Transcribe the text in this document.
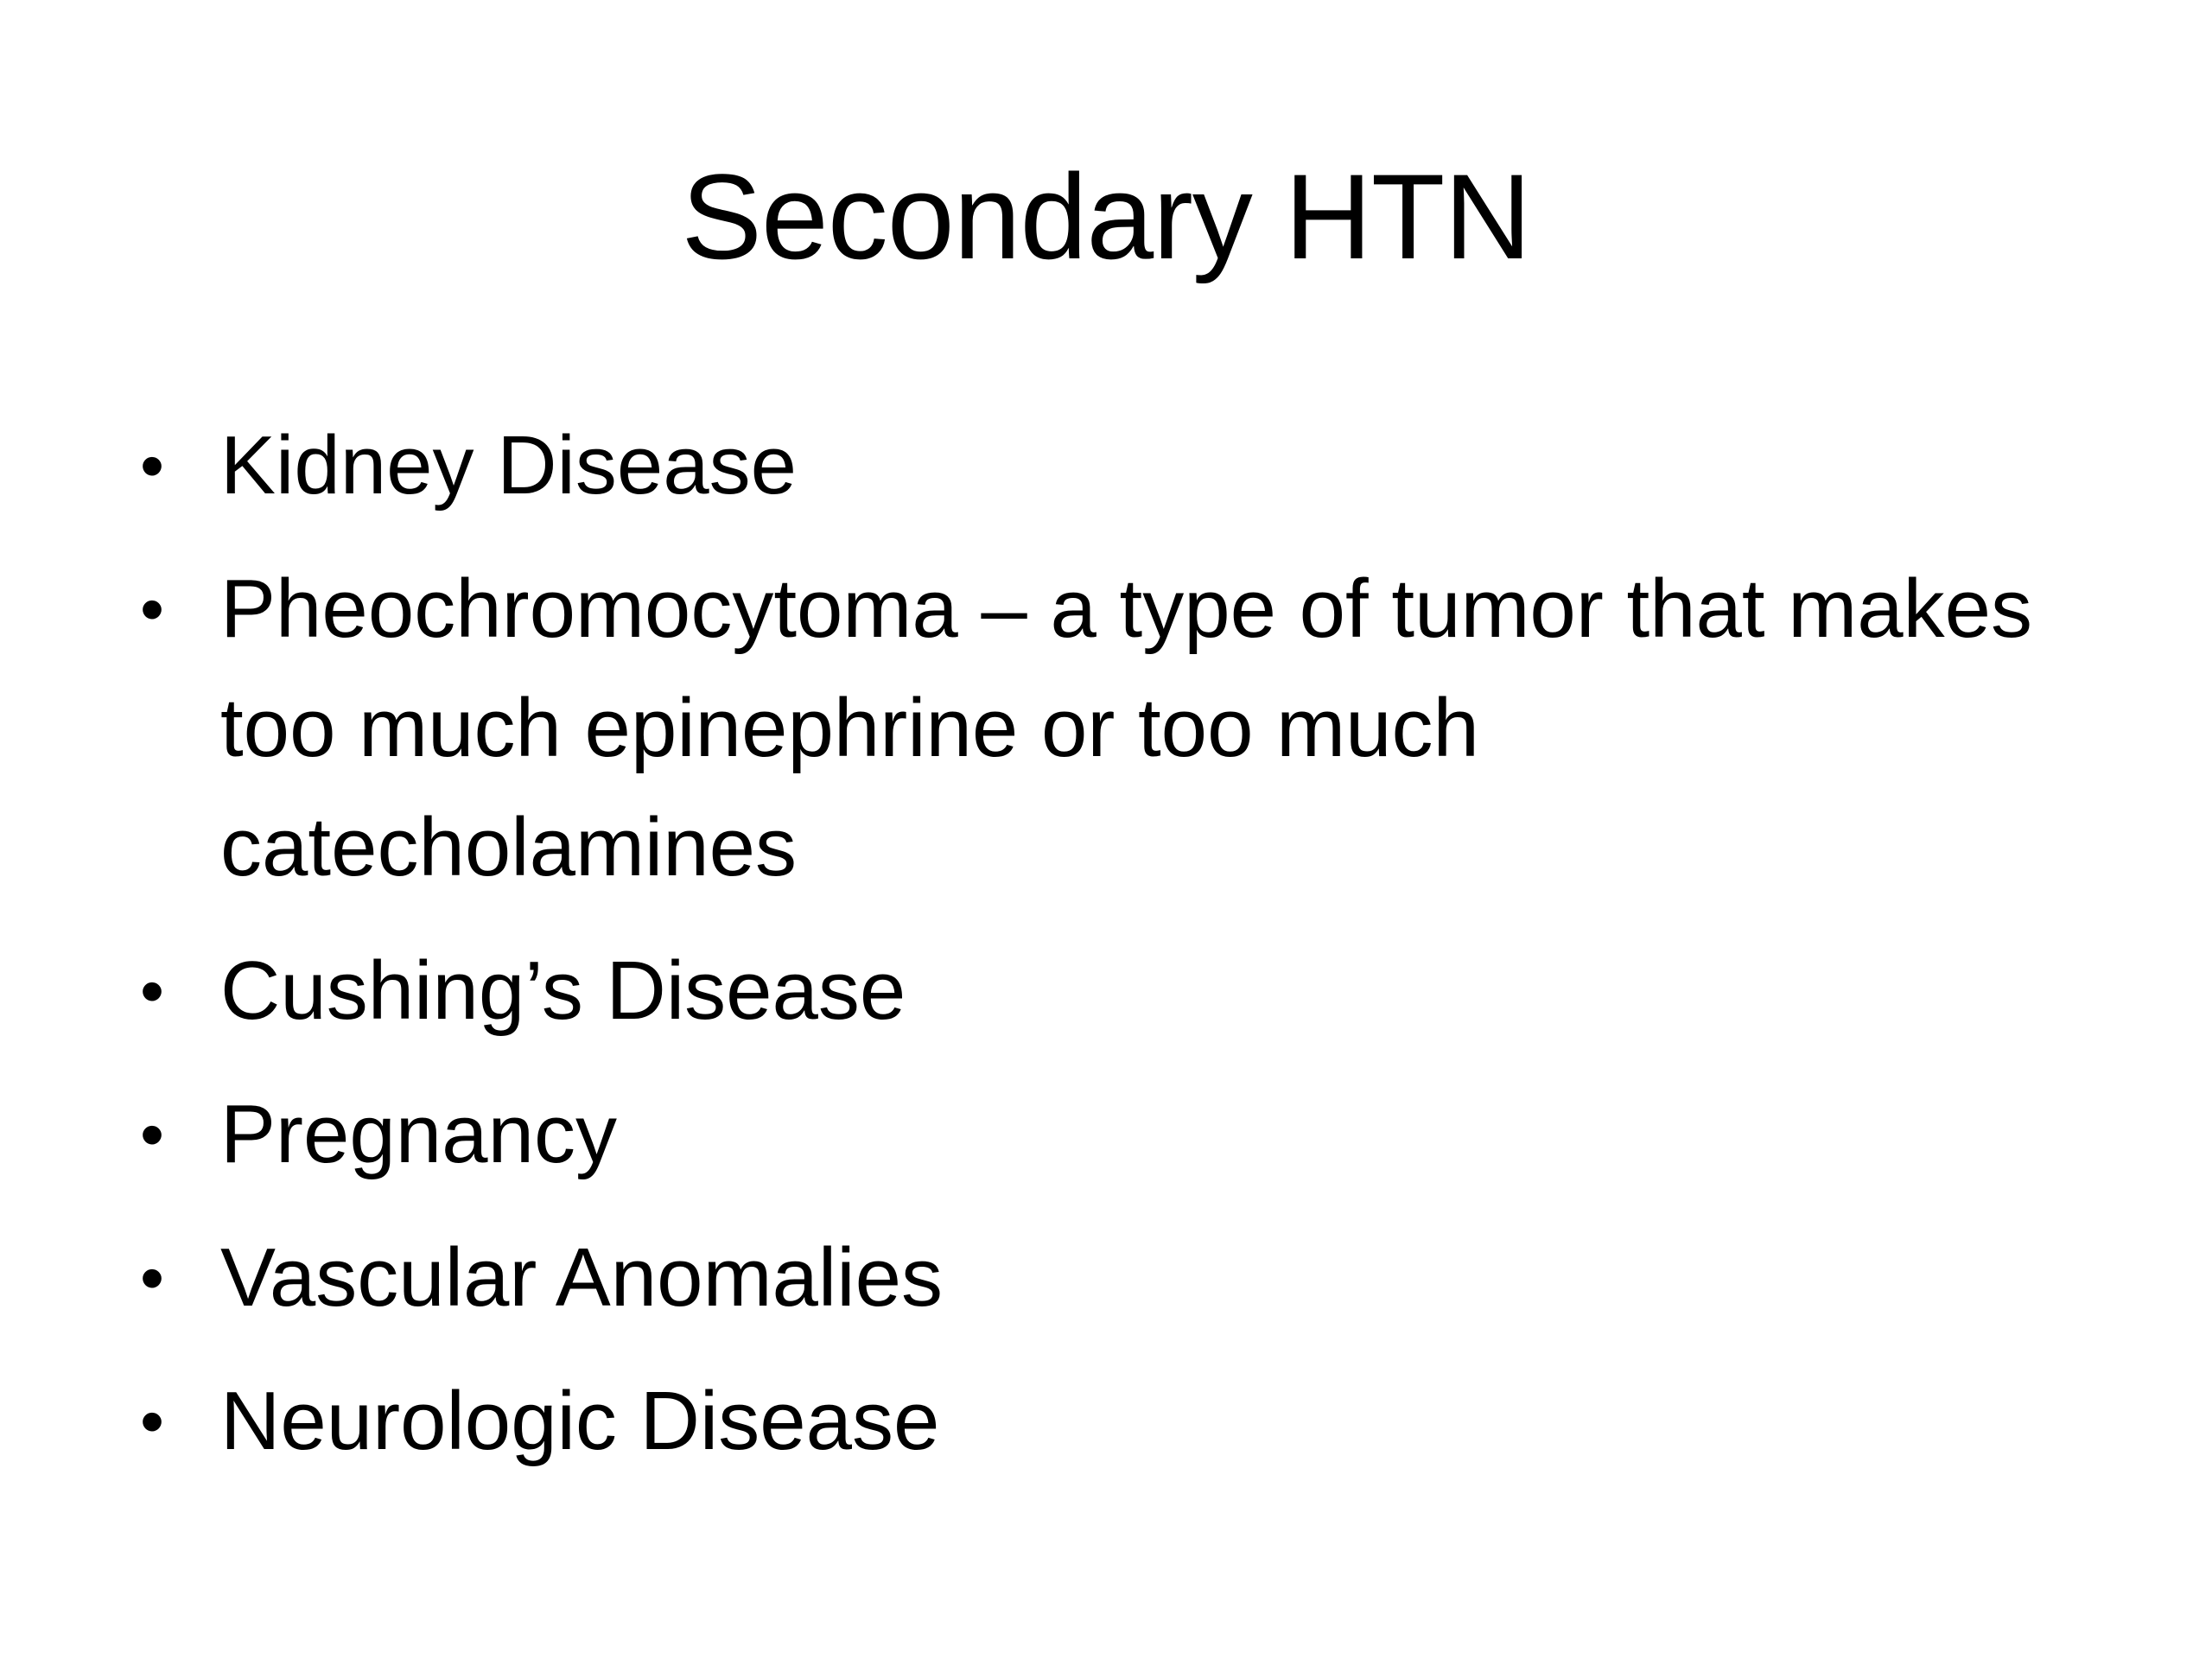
Secondary HTN
• Kidney Disease
• Pheochromocytoma – a type of tumor that makes too much epinephrine or too much catecholamines
• Cushing’s Disease
• Pregnancy
• Vascular Anomalies
• Neurologic Disease
